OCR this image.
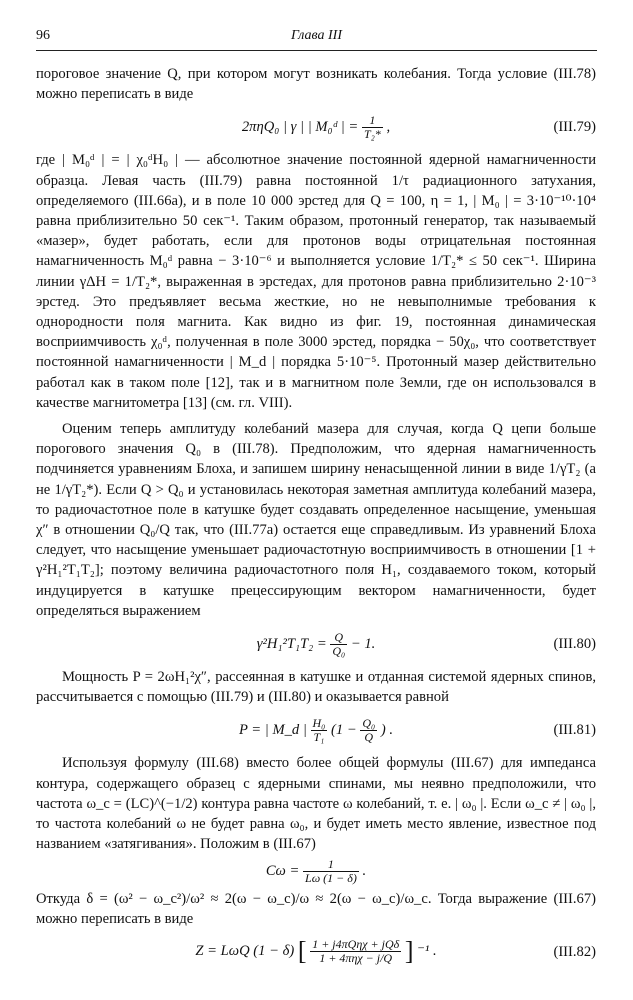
96	Глава III

пороговое значение Q, при котором могут возникать колебания. Тогда условие (III.78) можно переписать в виде

2πηQ₀ | γ | | M₀ᵈ | = $\frac{1}{\text{T₂*}}$ ,	(III.79)

где | M₀ᵈ | = | χ₀ᵈH₀ | — абсолютное значение постоянной ядерной намагниченности образца. Левая часть (III.79) равна постоянной 1/τ радиационного затухания, определяемого (III.66а), и в поле 10 000 эрстед для Q = 100, η = 1, | M₀ | = 3·10⁻¹⁰·10⁴ равна приблизительно 50 сек⁻¹. Таким образом, протонный генератор, так называемый «мазер», будет работать, если для протонов воды отрицательная постоянная намагниченность M₀ᵈ равна − 3·10⁻⁶ и выполняется условие 1/T₂* ≤ 50 сек⁻¹. Ширина линии γΔH = 1/T₂*, выраженная в эрстедах, для протонов равна приблизительно 2·10⁻³ эрстед. Это предъявляет весьма жесткие, но не невыполнимые требования к однородности поля магнита. Как видно из фиг. 19, постоянная динамическая восприимчивость χ₀ᵈ, полученная в поле 3000 эрстед, порядка − 50χ₀, что соответствует постоянной намагниченности | M_d | порядка 5·10⁻⁵. Протонный мазер действительно работал как в таком поле [12], так и в магнитном поле Земли, где он использовался в качестве магнитометра [13] (см. гл. VIII).

Оценим теперь амплитуду колебаний мазера для случая, когда Q цепи больше порогового значения Q₀ в (III.78). Предположим, что ядерная намагниченность подчиняется уравнениям Блоха, и запишем ширину ненасыщенной линии в виде 1/γT₂ (а не 1/γT₂*). Если Q > Q₀ и установилась некоторая заметная амплитуда колебаний мазера, то радиочастотное поле в катушке будет создавать определенное насыщение, уменьшая χ″ в отношении Q₀/Q так, что (III.77а) остается еще справедливым. Из уравнений Блоха следует, что насыщение уменьшает радиочастотную восприимчивость в отношении [1 + γ²H₁²T₁T₂]; поэтому величина радиочастотного поля H₁, создаваемого током, который индуцируется в катушке прецессирующим вектором намагниченности, будет определяться выражением

$\gamma^2H_1^2T_1T_2 = \frac{Q}{\text{Q₀}} - 1$.	(III.80)

Мощность P = 2ωH₁²χ″, рассеянная в катушке и отданная системой ядерных спинов, рассчитывается с помощью (III.79) и (III.80) и оказывается равной

P = | M_d | $\frac{\text{H₀}}{\text{T₁}} (1 - \frac{\text{Q₀}}{Q}$ ) .	(III.81)

Используя формулу (III.68) вместо более общей формулы (III.67) для импеданса контура, содержащего образец с ядерными спинами, мы неявно предположили, что частота ω_c = (LC)^(−1/2) контура равна частоте ω колебаний, т. е. | ω₀ |. Если ω_c ≠ | ω₀ |, то частота колебаний ω не будет равна ω₀, и будет иметь место явление, известное под названием «затягивания». Положим в (III.67)

$C\omega = \frac{1}{L\omega (1 - \delta)}$ .

Откуда δ = (ω² − ω_c²)/ω² ≈ 2(ω − ω_c)/ω ≈ 2(ω − ω_c)/ω_c. Тогда выражение (III.67) можно переписать в виде

Z = LωQ (1 − δ) [ $\frac{\text{1 + j4πQηχ + jQδ}}{\text{1 + 4πηχ − j/Q}}$ ] ⁻¹ .	(III.82)
